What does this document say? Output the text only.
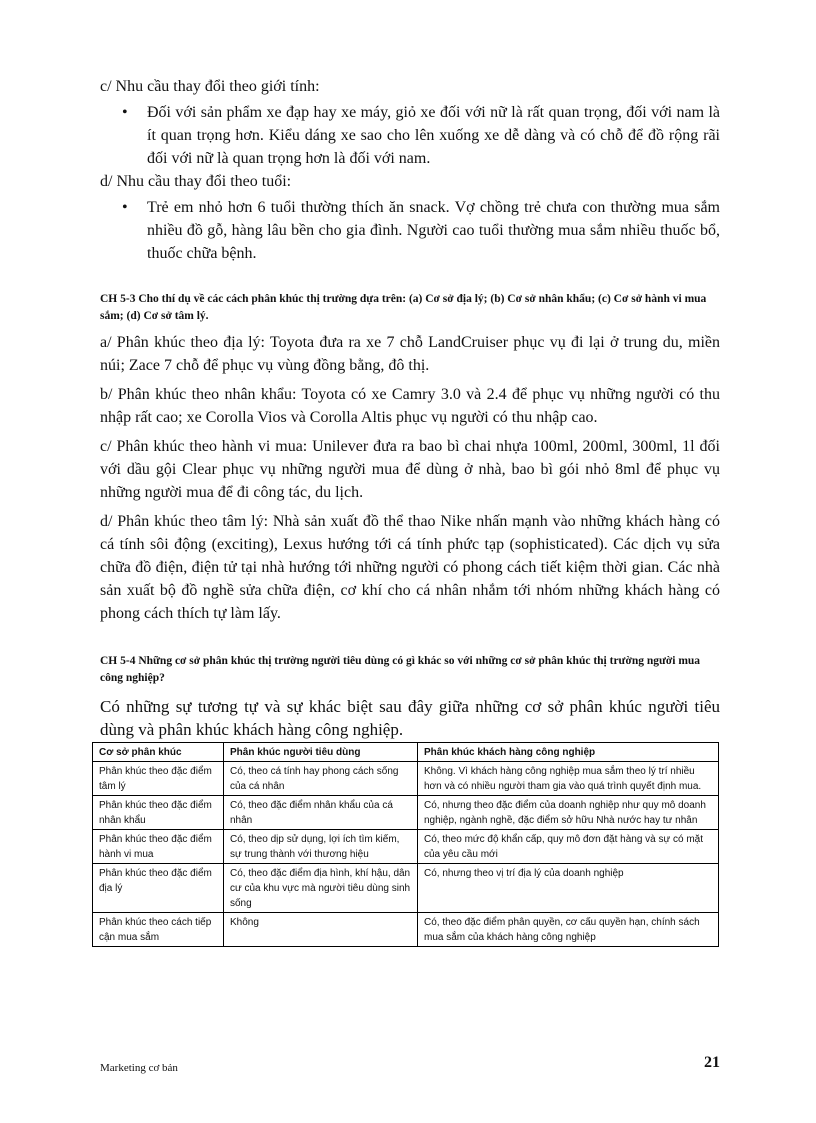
c/ Nhu cầu thay đổi theo giới tính:

• Đối với sản phẩm xe đạp hay xe máy, giỏ xe đối với nữ là rất quan trọng, đối với nam là ít quan trọng hơn. Kiểu dáng xe sao cho lên xuống xe dễ dàng và có chỗ để đồ rộng rãi đối với nữ là quan trọng hơn là đối với nam.

d/ Nhu cầu thay đổi theo tuổi:

• Trẻ em nhỏ hơn 6 tuổi thường thích ăn snack. Vợ chồng trẻ chưa con thường mua sắm nhiều đồ gỗ, hàng lâu bền cho gia đình. Người cao tuổi thường mua sắm nhiều thuốc bổ, thuốc chữa bệnh.

CH 5-3 Cho thí dụ về các cách phân khúc thị trường dựa trên: (a) Cơ sở địa lý; (b) Cơ sở nhân khẩu; (c) Cơ sở hành vi mua sắm; (d) Cơ sở tâm lý.

a/ Phân khúc theo địa lý: Toyota đưa ra xe 7 chỗ LandCruiser phục vụ đi lại ở trung du, miền núi; Zace 7 chỗ để phục vụ vùng đồng bằng, đô thị.

b/ Phân khúc theo nhân khẩu: Toyota có xe Camry 3.0 và 2.4 để phục vụ những người có thu nhập rất cao; xe Corolla Vios và Corolla Altis phục vụ người có thu nhập cao.

c/ Phân khúc theo hành vi mua: Unilever đưa ra bao bì chai nhựa 100ml, 200ml, 300ml, 1l đối với dầu gội Clear phục vụ những người mua để dùng ở nhà, bao bì gói nhỏ 8ml để phục vụ những người mua để đi công tác, du lịch.

d/ Phân khúc theo tâm lý: Nhà sản xuất đồ thể thao Nike nhấn mạnh vào những khách hàng có cá tính sôi động (exciting), Lexus hướng tới cá tính phức tạp (sophisticated). Các dịch vụ sửa chữa đồ điện, điện tử tại nhà hướng tới những người có phong cách tiết kiệm thời gian. Các nhà sản xuất bộ đồ nghề sửa chữa điện, cơ khí cho cá nhân nhắm tới nhóm những khách hàng có phong cách thích tự làm lấy.

CH 5-4 Những cơ sở phân khúc thị trường người tiêu dùng có gì khác so với những cơ sở phân khúc thị trường người mua công nghiệp?

Có những sự tương tự và sự khác biệt sau đây giữa những cơ sở phân khúc người tiêu dùng và phân khúc khách hàng công nghiệp.

Cơ sở phân khúc	Phân khúc người tiêu dùng	Phân khúc khách hàng công nghiệp
Phân khúc theo đặc điểm tâm lý	Có, theo cá tính hay phong cách sống của cá nhân	Không. Vì khách hàng công nghiệp mua sắm theo lý trí nhiều hơn và có nhiều người tham gia vào quá trình quyết định mua.
Phân khúc theo đặc điểm nhân khẩu	Có, theo đặc điểm nhân khẩu của cá nhân	Có, nhưng theo đặc điểm của doanh nghiệp như quy mô doanh nghiệp, ngành nghề, đặc điểm sở hữu Nhà nước hay tư nhân
Phân khúc theo đặc điểm hành vi mua	Có, theo dịp sử dụng, lợi ích tìm kiếm, sự trung thành với thương hiệu	Có, theo mức độ khẩn cấp, quy mô đơn đặt hàng và sự có mặt của yêu cầu mới
Phân khúc theo đặc điểm địa lý	Có, theo đặc điểm địa hình, khí hậu, dân cư của khu vực mà người tiêu dùng sinh sống	Có, nhưng theo vị trí địa lý của doanh nghiệp
Phân khúc theo cách tiếp cận mua sắm	Không	Có, theo đặc điểm phân quyền, cơ cấu quyền hạn, chính sách mua sắm của khách hàng công nghiệp
Marketing cơ bản	21
